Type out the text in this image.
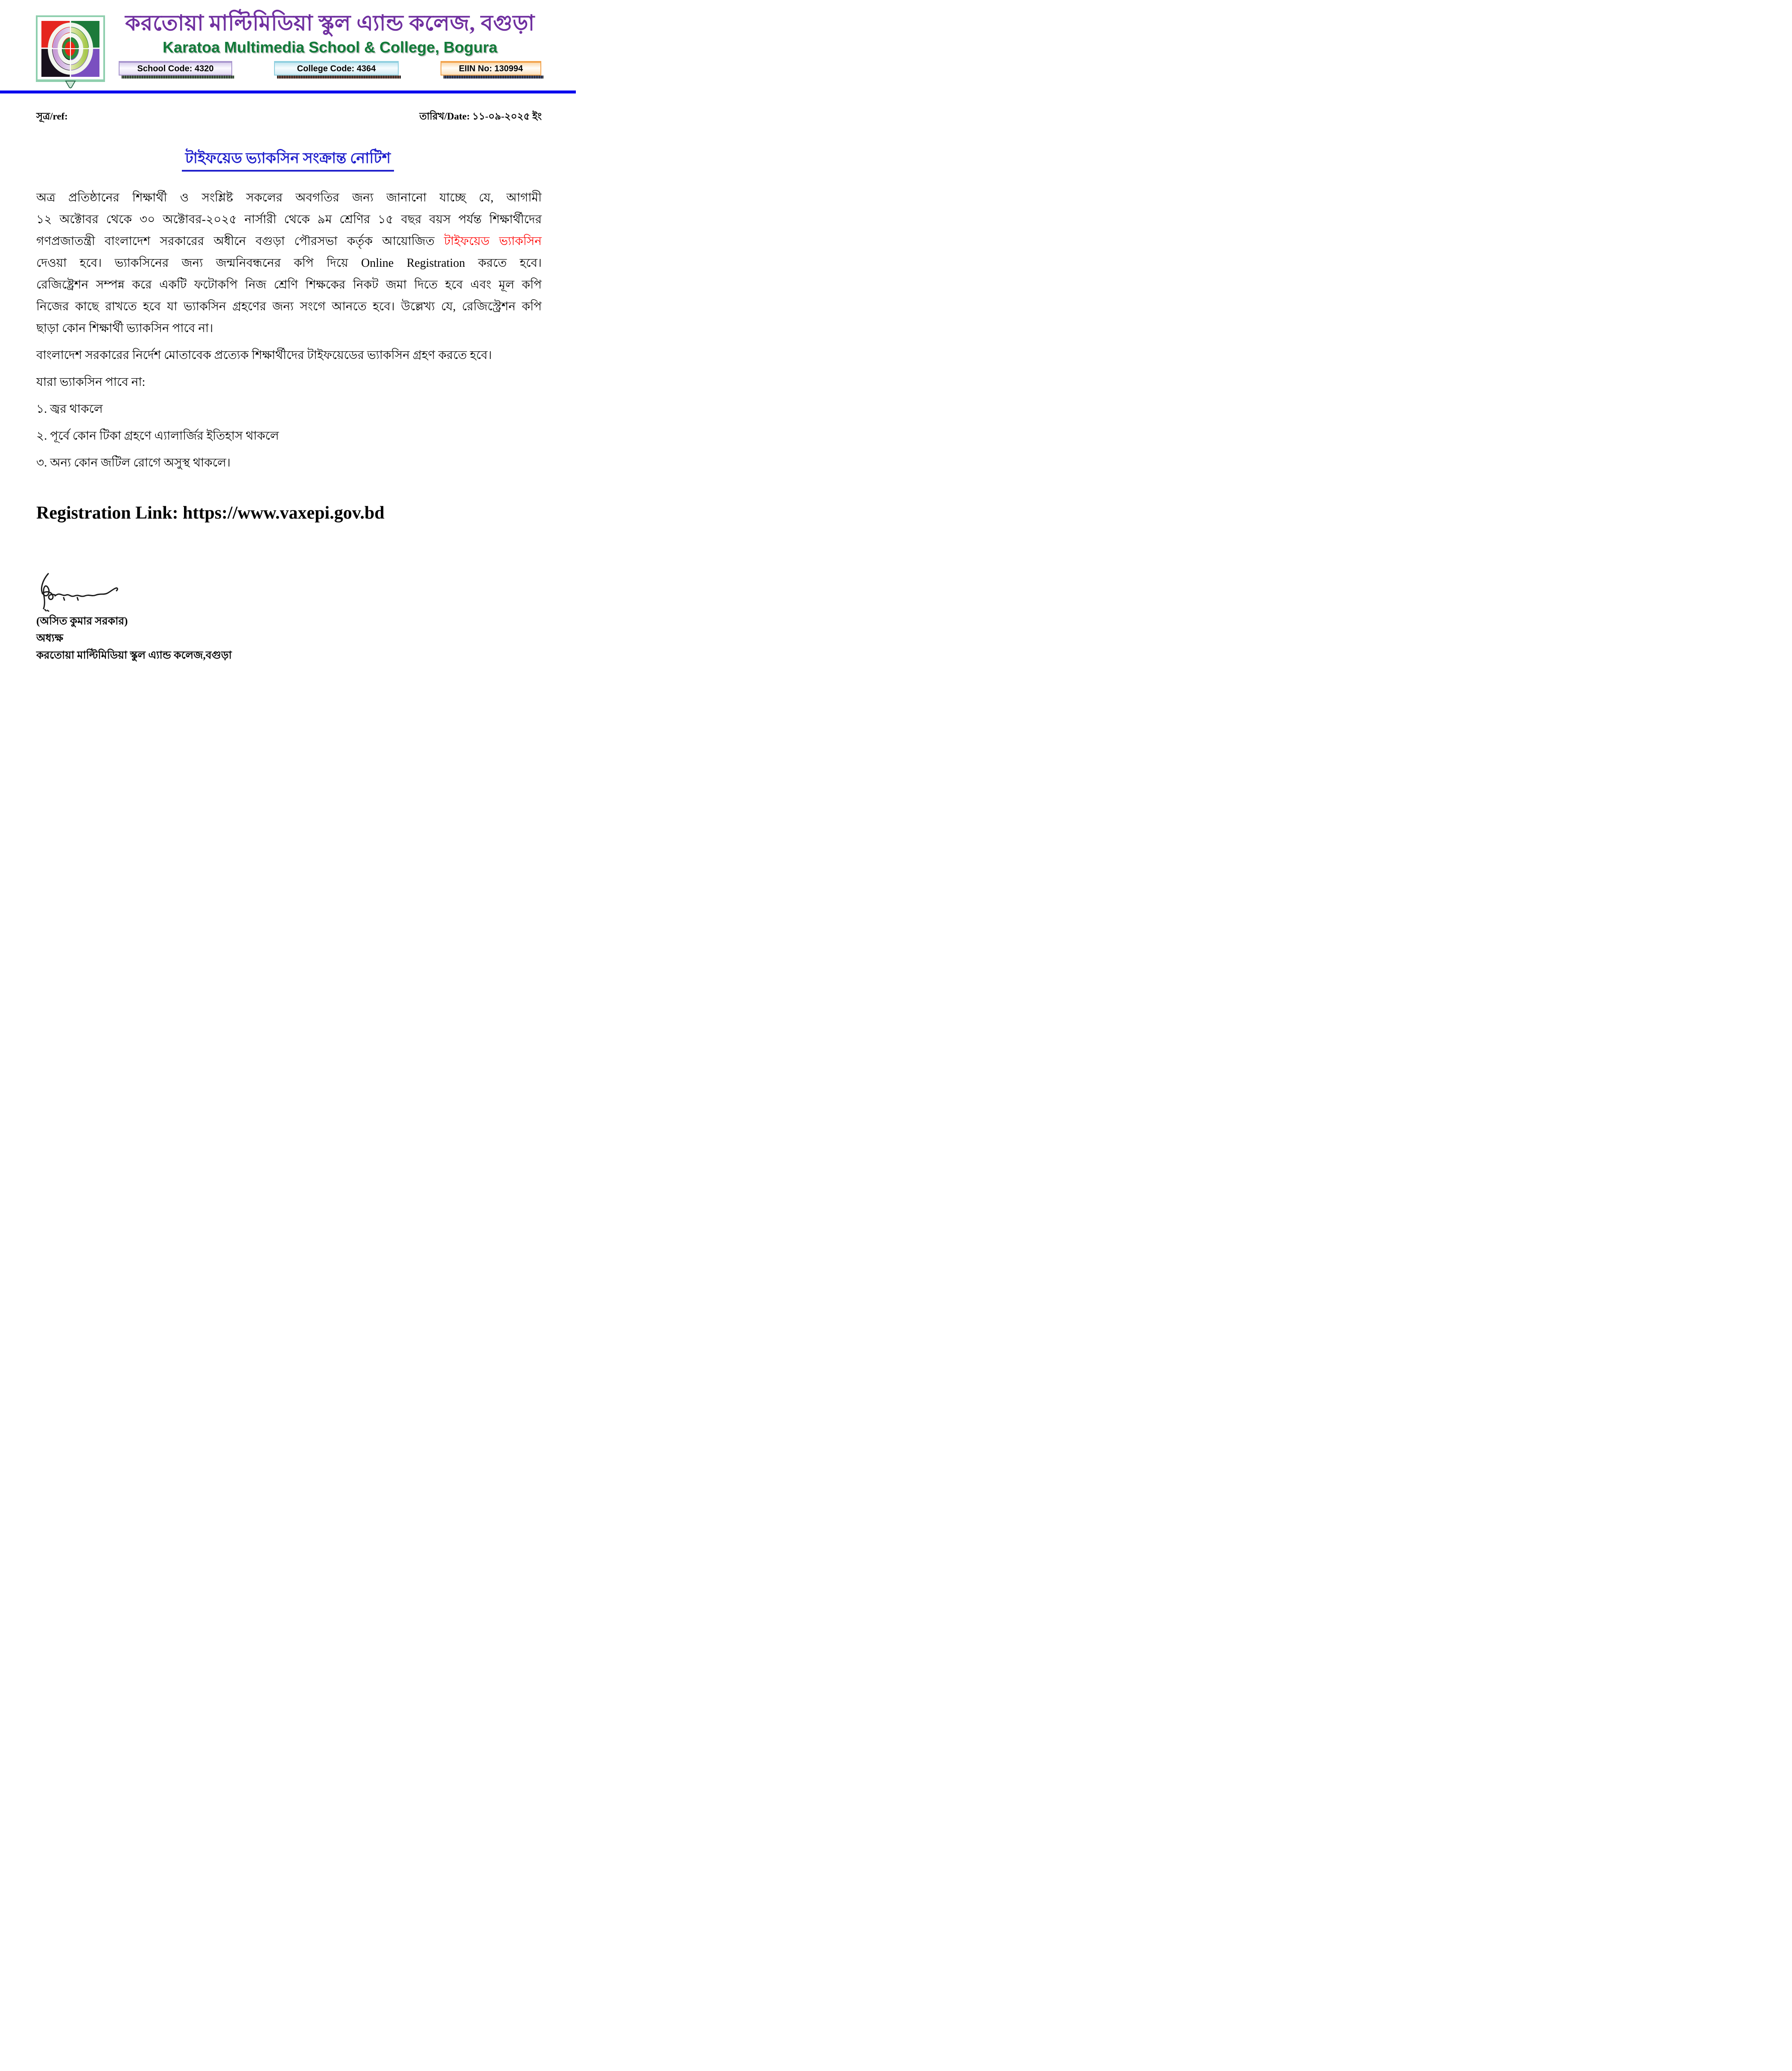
করতোয়া মাল্টিমিডিয়া স্কুল এ্যান্ড কলেজ, বগুড়া
Karatoa Multimedia School & College, Bogura
School Code: 4320	College Code: 4364	EIIN No: 130994
সূত্র/ref:	তারিখ/Date: ১১-০৯-২০২৫ ইং
টাইফয়েড ভ্যাকসিন সংক্রান্ত নোটিশ
অত্র প্রতিষ্ঠানের শিক্ষার্থী ও সংশ্লিষ্ট সকলের অবগতির জন্য জানানো যাচ্ছে যে, আগামী
১২ অক্টোবর থেকে ৩০ অক্টোবর-২০২৫ নার্সারী থেকে ৯ম শ্রেণির ১৫ বছর বয়স পর্যন্ত শিক্ষার্থীদের
গণপ্রজাতন্ত্রী বাংলাদেশ সরকারের অধীনে বগুড়া পৌরসভা কর্তৃক আয়োজিত টাইফয়েড ভ্যাকসিন
দেওয়া হবে। ভ্যাকসিনের জন্য জন্মনিবন্ধনের কপি দিয়ে Online Registration করতে হবে।
রেজিষ্ট্রেশন সম্পন্ন করে একটি ফটোকপি নিজ শ্রেণি শিক্ষকের নিকট জমা দিতে হবে এবং মূল কপি
নিজের কাছে রাখতে হবে যা ভ্যাকসিন গ্রহণের জন্য সংগে আনতে হবে। উল্লেখ্য যে, রেজিস্ট্রেশন কপি
ছাড়া কোন শিক্ষার্থী ভ্যাকসিন পাবে না।
বাংলাদেশ সরকারের নির্দেশ মোতাবেক প্রত্যেক শিক্ষার্থীদের টাইফয়েডের ভ্যাকসিন গ্রহণ করতে হবে।
যারা ভ্যাকসিন পাবে না:
১. জ্বর থাকলে
২. পূর্বে কোন টিকা গ্রহণে এ্যালার্জির ইতিহাস থাকলে
৩. অন্য কোন জটিল রোগে অসুস্থ থাকলে।
Registration Link: https://www.vaxepi.gov.bd
(অসিত কুমার সরকার)
অধ্যক্ষ
করতোয়া মাল্টিমিডিয়া স্কুল এ্যান্ড কলেজ,বগুড়া
